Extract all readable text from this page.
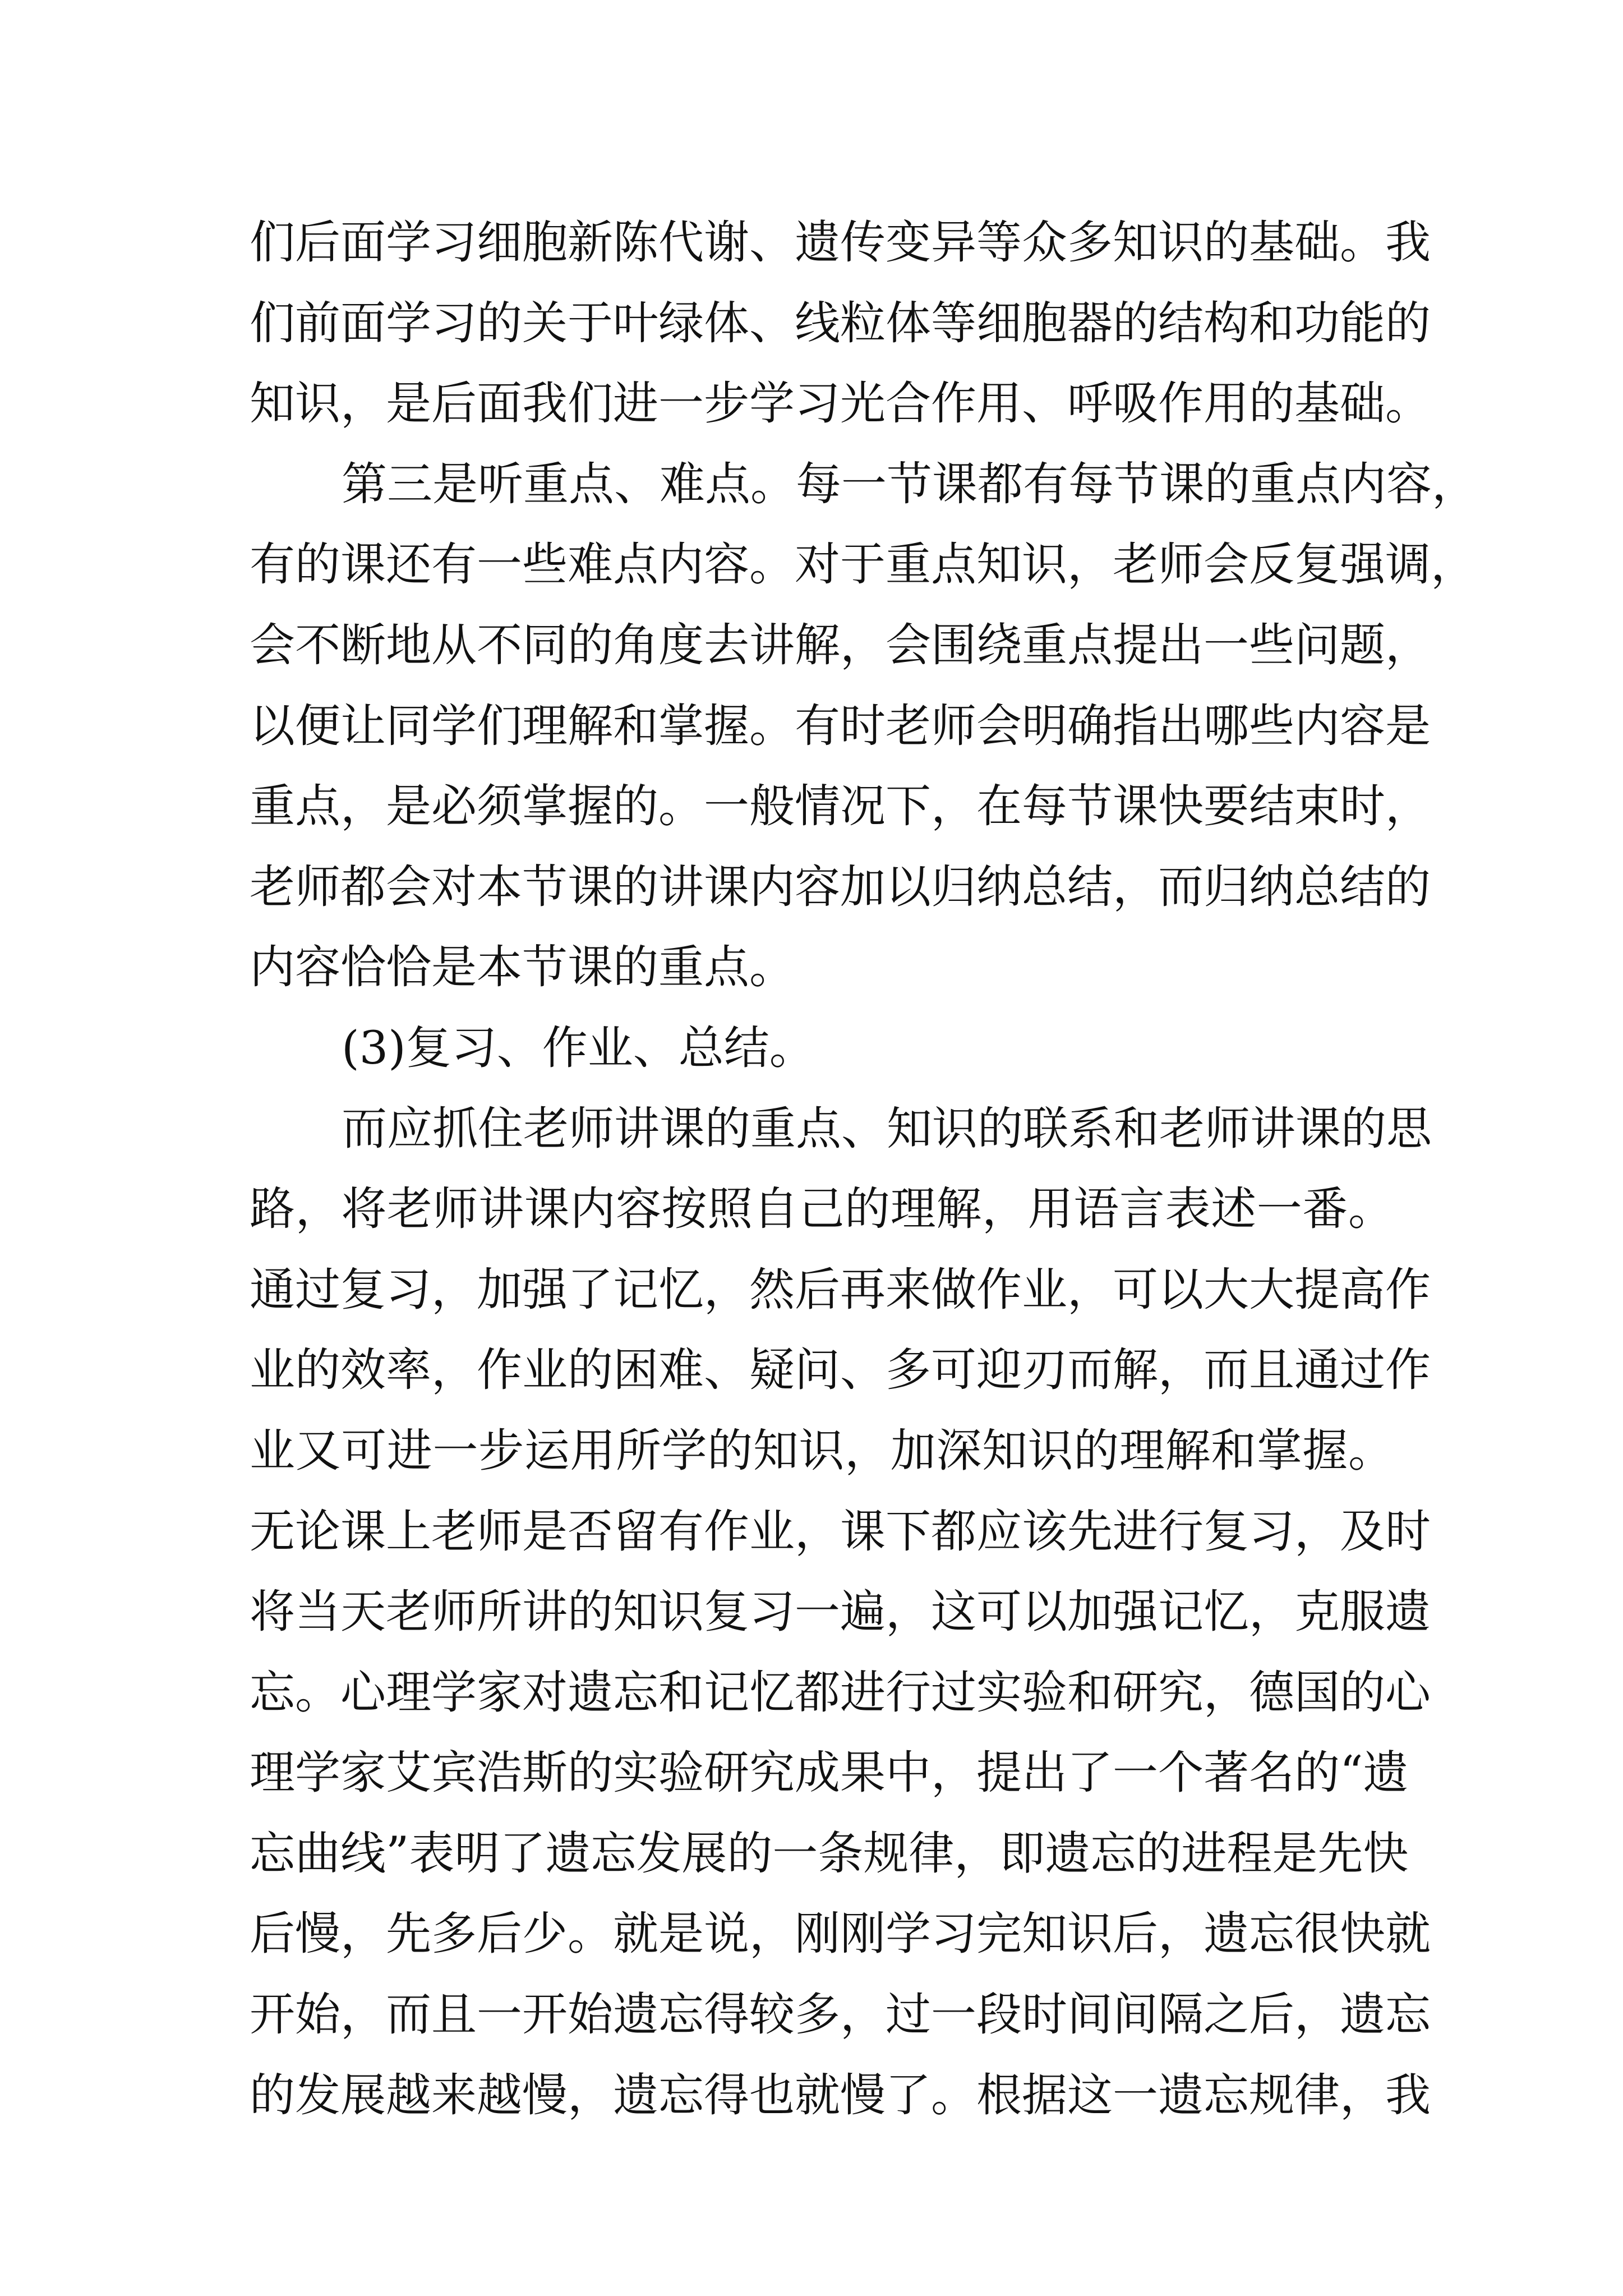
们后面学习细胞新陈代谢、遗传变异等众多知识的基础。我
们前面学习的关于叶绿体、线粒体等细胞器的结构和功能的
知识，是后面我们进一步学习光合作用、呼吸作用的基础。
第三是听重点、难点。每一节课都有每节课的重点内容，
有的课还有一些难点内容。对于重点知识，老师会反复强调，
会不断地从不同的角度去讲解，会围绕重点提出一些问题，
以便让同学们理解和掌握。有时老师会明确指出哪些内容是
重点，是必须掌握的。一般情况下，在每节课快要结束时，
老师都会对本节课的讲课内容加以归纳总结，而归纳总结的
内容恰恰是本节课的重点。
(3)复习、作业、总结。
而应抓住老师讲课的重点、知识的联系和老师讲课的思
路，将老师讲课内容按照自己的理解，用语言表述一番。
通过复习，加强了记忆，然后再来做作业，可以大大提高作
业的效率，作业的困难、疑问、多可迎刃而解，而且通过作
业又可进一步运用所学的知识，加深知识的理解和掌握。
无论课上老师是否留有作业，课下都应该先进行复习，及时
将当天老师所讲的知识复习一遍，这可以加强记忆，克服遗
忘。心理学家对遗忘和记忆都进行过实验和研究，德国的心
理学家艾宾浩斯的实验研究成果中，提出了一个著名的“遗
忘曲线”表明了遗忘发展的一条规律，即遗忘的进程是先快
后慢，先多后少。就是说，刚刚学习完知识后，遗忘很快就
开始，而且一开始遗忘得较多，过一段时间间隔之后，遗忘
的发展越来越慢，遗忘得也就慢了。根据这一遗忘规律，我
